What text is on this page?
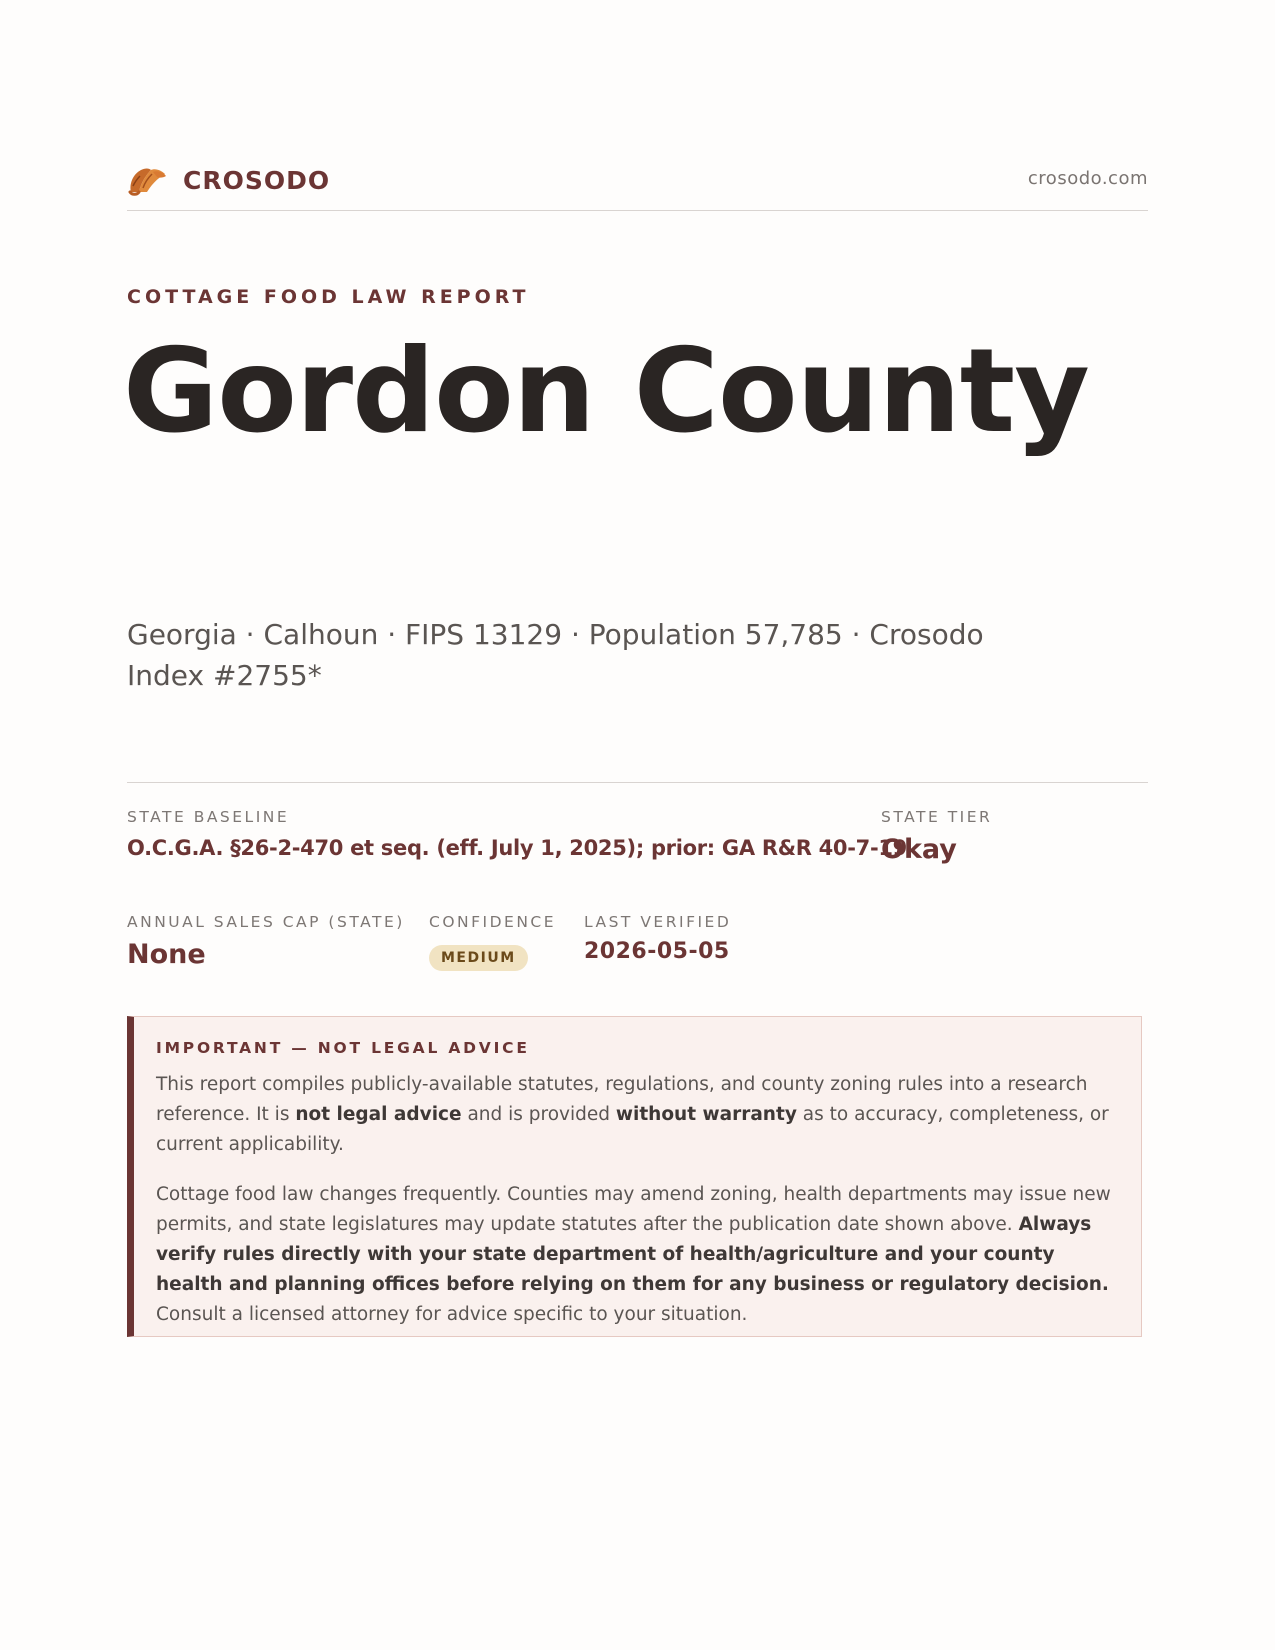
CROSODO	crosodo.com
COTTAGE FOOD LAW REPORT
Gordon County
Georgia · Calhoun · FIPS 13129 · Population 57,785 · Crosodo Index #2755*
STATE BASELINE
O.C.G.A. §26-2-470 et seq. (eff. July 1, 2025); prior: GA R&R 40-7-19
STATE TIER
Okay
ANNUAL SALES CAP (STATE)
None
CONFIDENCE
MEDIUM
LAST VERIFIED
2026-05-05
IMPORTANT — NOT LEGAL ADVICE

This report compiles publicly-available statutes, regulations, and county zoning rules into a research reference. It is not legal advice and is provided without warranty as to accuracy, completeness, or current applicability.

Cottage food law changes frequently. Counties may amend zoning, health departments may issue new permits, and state legislatures may update statutes after the publication date shown above. Always verify rules directly with your state department of health/agriculture and your county health and planning offices before relying on them for any business or regulatory decision. Consult a licensed attorney for advice specific to your situation.
